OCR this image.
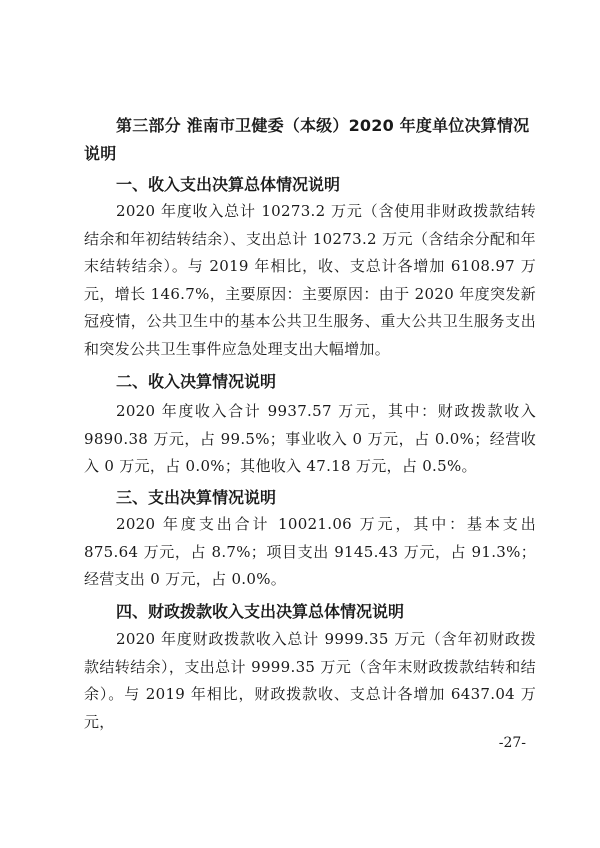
第三部分 淮南市卫健委（本级）2020 年度单位决算情况说明
一、收入支出决算总体情况说明
2020 年度收入总计 10273.2 万元（含使用非财政拨款结转结余和年初结转结余）、支出总计 10273.2 万元（含结余分配和年末结转结余）。与 2019 年相比，收、支总计各增加 6108.97 万元，增长 146.7%，主要原因：主要原因：由于 2020 年度突发新冠疫情，公共卫生中的基本公共卫生服务、重大公共卫生服务支出和突发公共卫生事件应急处理支出大幅增加。
二、收入决算情况说明
2020 年度收入合计 9937.57 万元，其中：财政拨款收入 9890.38 万元，占 99.5%；事业收入 0 万元，占 0.0%；经营收入 0 万元，占 0.0%；其他收入 47.18 万元，占 0.5%。
三、支出决算情况说明
2020 年度支出合计 10021.06 万元，其中：基本支出 875.64 万元，占 8.7%；项目支出 9145.43 万元，占 91.3%；经营支出 0 万元，占 0.0%。
四、财政拨款收入支出决算总体情况说明
2020 年度财政拨款收入总计 9999.35 万元（含年初财政拨款结转结余），支出总计 9999.35 万元（含年末财政拨款结转和结余）。与 2019 年相比，财政拨款收、支总计各增加 6437.04 万元，
-27-
